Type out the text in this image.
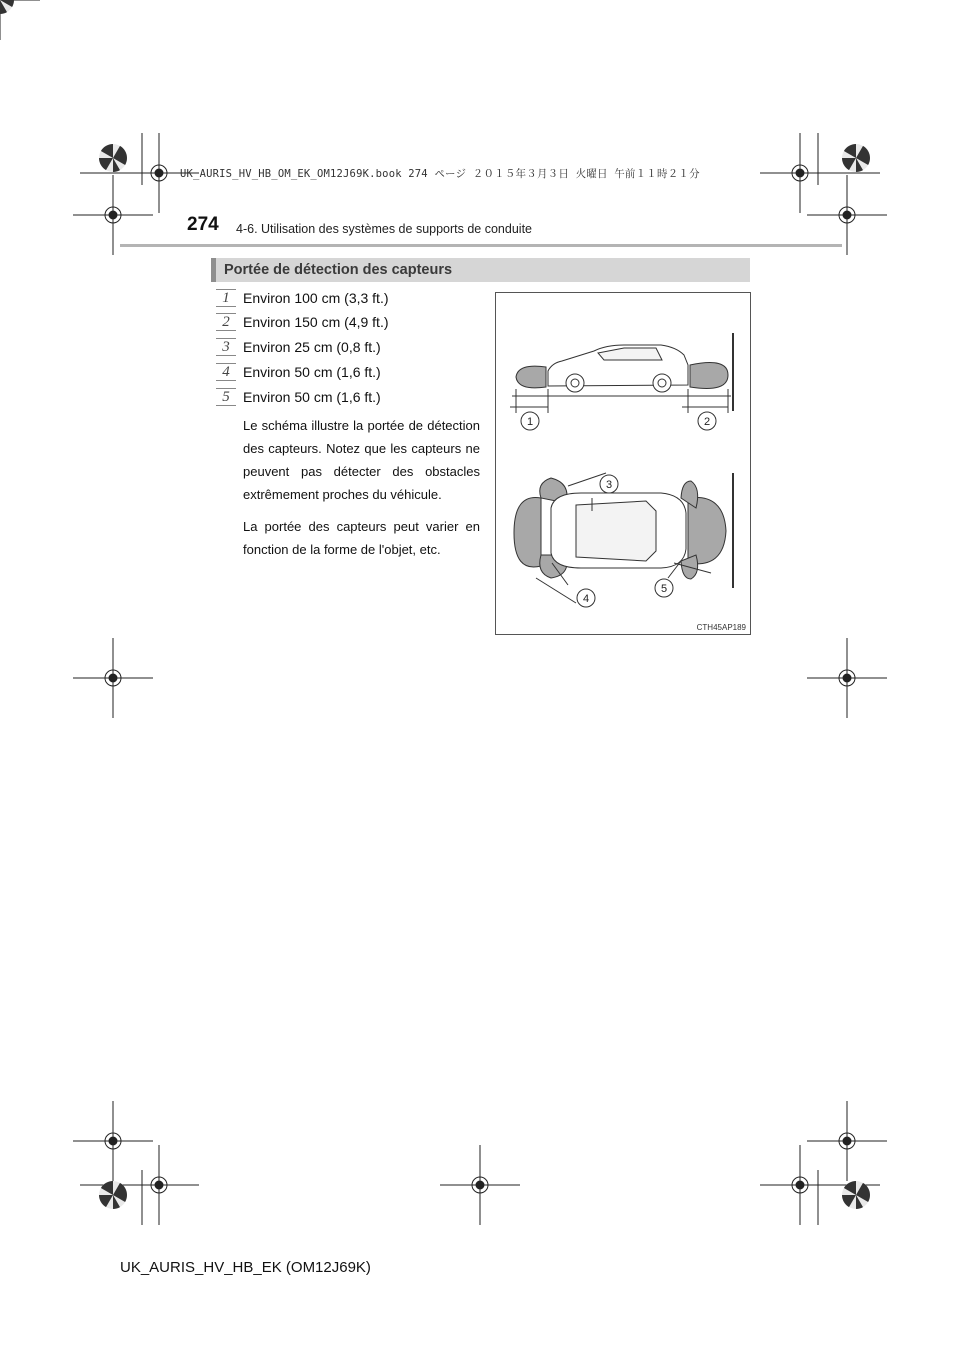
UK_AURIS_HV_HB_OM_EK_OM12J69K.book 274 ページ ２０１５年３月３日 火曜日 午前１１時２１分
274 4-6. Utilisation des systèmes de supports de conduite
Portée de détection des capteurs
1 Environ 100 cm (3,3 ft.)
2 Environ 150 cm (4,9 ft.)
3 Environ 25 cm (0,8 ft.)
4 Environ 50 cm (1,6 ft.)
5 Environ 50 cm (1,6 ft.)
Le schéma illustre la portée de détection des capteurs. Notez que les capteurs ne peuvent pas détecter des obstacles extrêmement proches du véhicule.
La portée des capteurs peut varier en fonction de la forme de l'objet, etc.
1	2
3
4
5
CTH45AP189
UK_AURIS_HV_HB_EK (OM12J69K)
